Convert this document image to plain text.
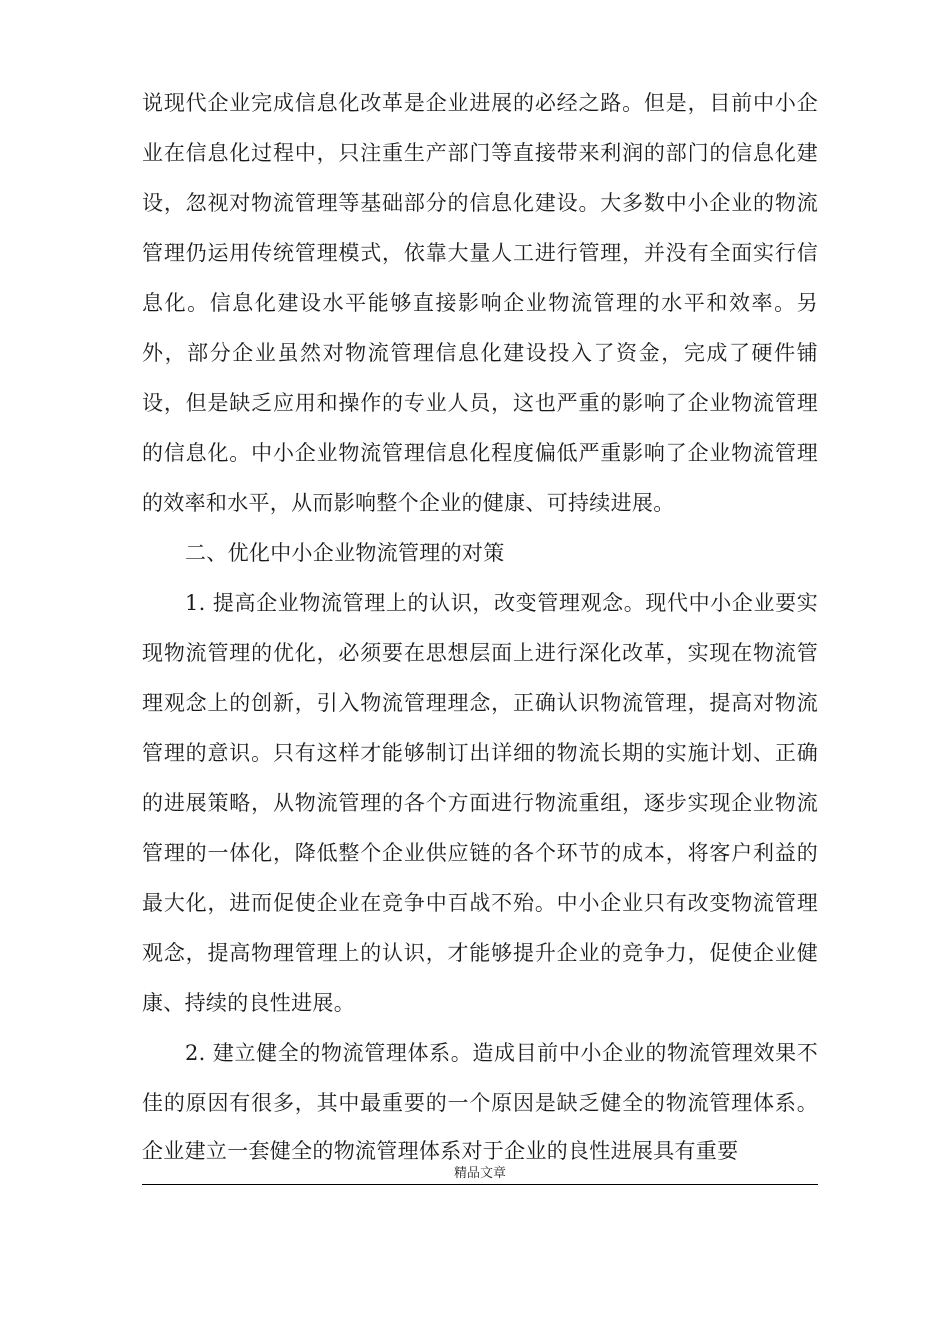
说现代企业完成信息化改革是企业进展的必经之路。但是，目前中小企
业在信息化过程中，只注重生产部门等直接带来利润的部门的信息化建
设，忽视对物流管理等基础部分的信息化建设。大多数中小企业的物流
管理仍运用传统管理模式，依靠大量人工进行管理，并没有全面实行信
息化。信息化建设水平能够直接影响企业物流管理的水平和效率。另
外，部分企业虽然对物流管理信息化建设投入了资金，完成了硬件铺
设，但是缺乏应用和操作的专业人员，这也严重的影响了企业物流管理
的信息化。中小企业物流管理信息化程度偏低严重影响了企业物流管理
的效率和水平，从而影响整个企业的健康、可持续进展。
二、优化中小企业物流管理的对策
1. 提高企业物流管理上的认识，改变管理观念。现代中小企业要实
现物流管理的优化，必须要在思想层面上进行深化改革，实现在物流管
理观念上的创新，引入物流管理理念，正确认识物流管理，提高对物流
管理的意识。只有这样才能够制订出详细的物流长期的实施计划、正确
的进展策略，从物流管理的各个方面进行物流重组，逐步实现企业物流
管理的一体化，降低整个企业供应链的各个环节的成本，将客户利益的
最大化，进而促使企业在竞争中百战不殆。中小企业只有改变物流管理
观念，提高物理管理上的认识，才能够提升企业的竞争力，促使企业健
康、持续的良性进展。
2. 建立健全的物流管理体系。造成目前中小企业的物流管理效果不
佳的原因有很多，其中最重要的一个原因是缺乏健全的物流管理体系。
企业建立一套健全的物流管理体系对于企业的良性进展具有重要
精品文章
